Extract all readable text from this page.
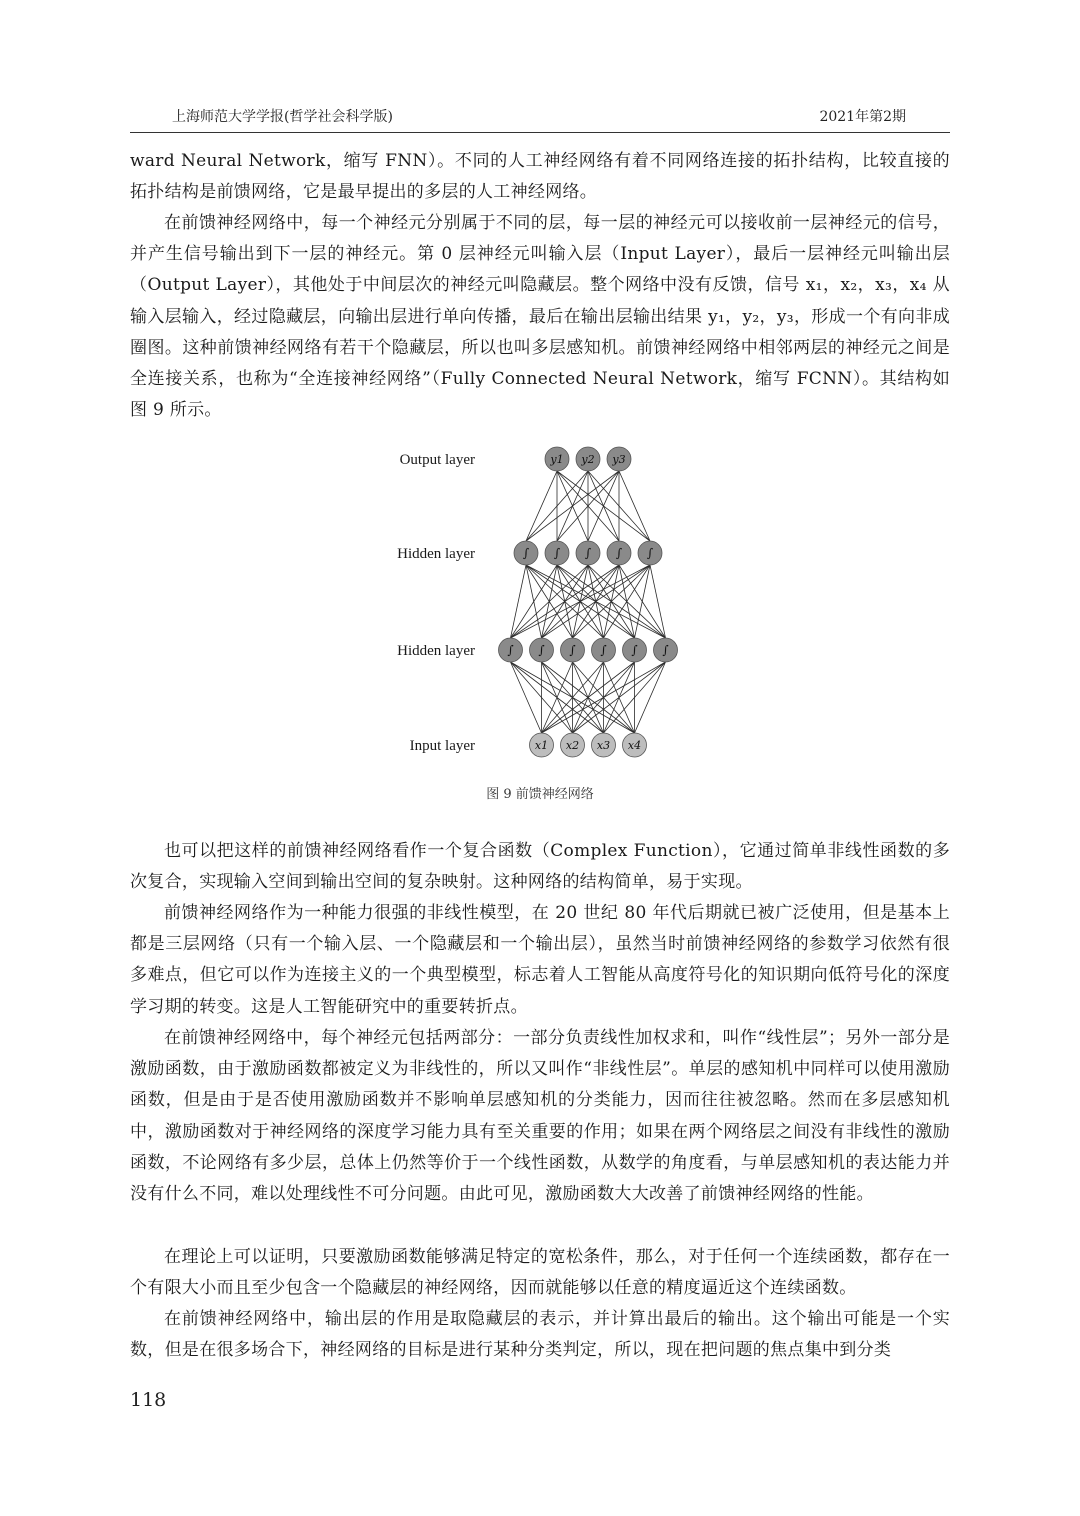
上海师范大学学报(哲学社会科学版)	2021年第2期

ward Neural Network，缩写 FNN）。不同的人工神经网络有着不同网络连接的拓扑结构，比较直接的拓扑结构是前馈网络，它是最早提出的多层的人工神经网络。

在前馈神经网络中，每一个神经元分别属于不同的层，每一层的神经元可以接收前一层神经元的信号，并产生信号输出到下一层的神经元。第 0 层神经元叫输入层（Input Layer），最后一层神经元叫输出层（Output Layer），其他处于中间层次的神经元叫隐藏层。整个网络中没有反馈，信号 x₁，x₂，x₃，x₄ 从输入层输入，经过隐藏层，向输出层进行单向传播，最后在输出层输出结果 y₁，y₂，y₃，形成一个有向非成圈图。这种前馈神经网络有若干个隐藏层，所以也叫多层感知机。前馈神经网络中相邻两层的神经元之间是全连接关系，也称为“全连接神经网络”（Fully Connected Neural Network，缩写 FCNN）。其结构如图 9 所示。

Output layer
Hidden layer
Hidden layer
Input layer
y1 y2 y3
∫ ∫ ∫ ∫ ∫
∫ ∫ ∫ ∫ ∫ ∫
x1 x2 x3 x4
图 9 前馈神经网络

也可以把这样的前馈神经网络看作一个复合函数（Complex Function），它通过简单非线性函数的多次复合，实现输入空间到输出空间的复杂映射。这种网络的结构简单，易于实现。

前馈神经网络作为一种能力很强的非线性模型，在 20 世纪 80 年代后期就已被广泛使用，但是基本上都是三层网络（只有一个输入层、一个隐藏层和一个输出层），虽然当时前馈神经网络的参数学习依然有很多难点，但它可以作为连接主义的一个典型模型，标志着人工智能从高度符号化的知识期向低符号化的深度学习期的转变。这是人工智能研究中的重要转折点。

在前馈神经网络中，每个神经元包括两部分：一部分负责线性加权求和，叫作“线性层”；另外一部分是激励函数，由于激励函数都被定义为非线性的，所以又叫作“非线性层”。单层的感知机中同样可以使用激励函数，但是由于是否使用激励函数并不影响单层感知机的分类能力，因而往往被忽略。然而在多层感知机中，激励函数对于神经网络的深度学习能力具有至关重要的作用；如果在两个网络层之间没有非线性的激励函数，不论网络有多少层，总体上仍然等价于一个线性函数，从数学的角度看，与单层感知机的表达能力并没有什么不同，难以处理线性不可分问题。由此可见，激励函数大大改善了前馈神经网络的性能。

在理论上可以证明，只要激励函数能够满足特定的宽松条件，那么，对于任何一个连续函数，都存在一个有限大小而且至少包含一个隐藏层的神经网络，因而就能够以任意的精度逼近这个连续函数。

在前馈神经网络中，输出层的作用是取隐藏层的表示，并计算出最后的输出。这个输出可能是一个实数，但是在很多场合下，神经网络的目标是进行某种分类判定，所以，现在把问题的焦点集中到分类

118
